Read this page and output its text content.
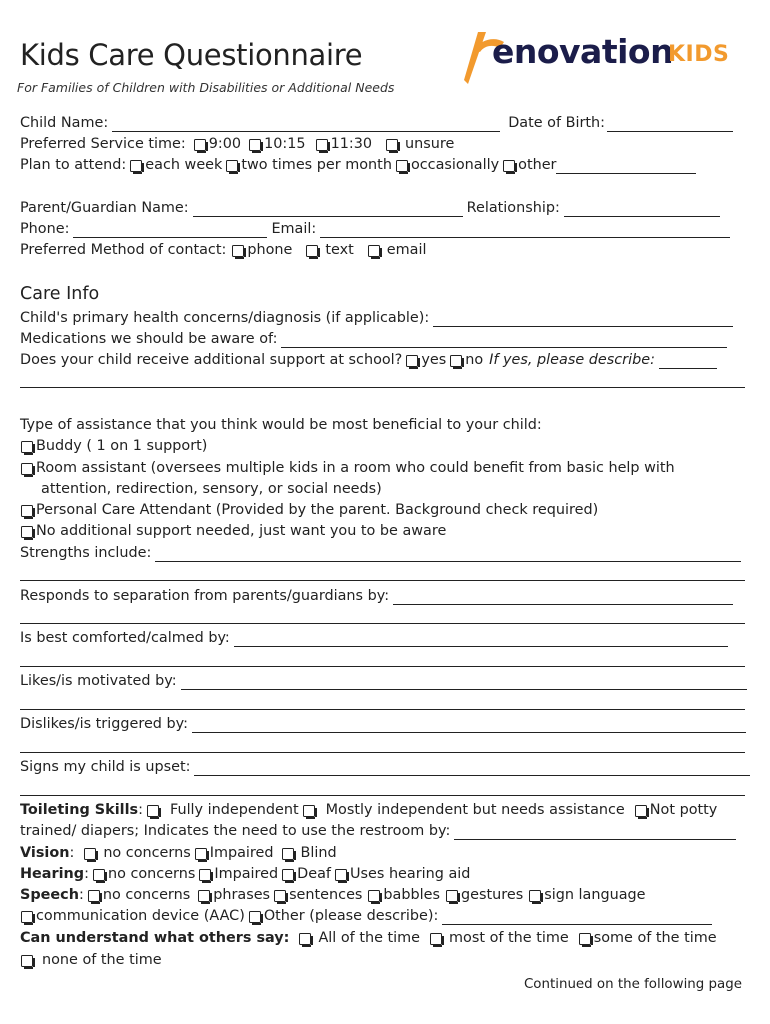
Kids Care Questionnaire
For Families of Children with Disabilities or Additional Needs
enovation
KIDS
Child Name:	Date of Birth:
Preferred Service time: 9:00 10:15 11:30 unsure
Plan to attend: each week two times per month occasionally other
Parent/Guardian Name:	Relationship:
Phone:	Email:
Preferred Method of contact: phone text email
Care Info
Child's primary health concerns/diagnosis (if applicable):
Medications we should be aware of:
Does your child receive additional support at school? yes no If yes, please describe:
Type of assistance that you think would be most beneficial to your child:
Buddy ( 1 on 1 support)
Room assistant (oversees multiple kids in a room who could benefit from basic help with
attention, redirection, sensory, or social needs)
Personal Care Attendant (Provided by the parent. Background check required)
No additional support needed, just want you to be aware
Strengths include:
Responds to separation from parents/guardians by:
Is best comforted/calmed by:
Likes/is motivated by:
Dislikes/is triggered by:
Signs my child is upset:
Toileting Skills : Fully independent Mostly independent but needs assistance Not potty
trained/ diapers; Indicates the need to use the restroom by:
Vision : no concerns Impaired Blind
Hearing : no concerns Impaired Deaf Uses hearing aid
Speech : no concerns phrases sentences babbles gestures sign language
communication device (AAC) Other (please describe):
Can understand what others say: All of the time most of the time some of the time
none of the time
Continued on the following page
